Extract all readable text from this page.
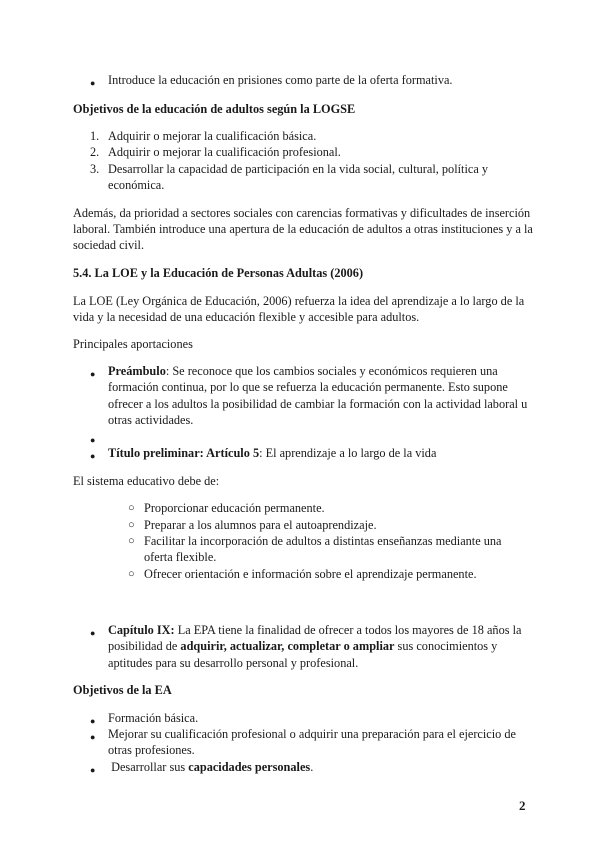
● Introduce la educación en prisiones como parte de la oferta formativa.
Objetivos de la educación de adultos según la LOGSE
1. Adquirir o mejorar la cualificación básica.
2. Adquirir o mejorar la cualificación profesional.
3. Desarrollar la capacidad de participación en la vida social, cultural, política y
económica.
Además, da prioridad a sectores sociales con carencias formativas y dificultades de inserción
laboral. También introduce una apertura de la educación de adultos a otras instituciones y a la
sociedad civil.
5.4. La LOE y la Educación de Personas Adultas (2006)
La LOE (Ley Orgánica de Educación, 2006) refuerza la idea del aprendizaje a lo largo de la
vida y la necesidad de una educación flexible y accesible para adultos.
Principales aportaciones
● Preámbulo: Se reconoce que los cambios sociales y económicos requieren una
formación continua, por lo que se refuerza la educación permanente. Esto supone
ofrecer a los adultos la posibilidad de cambiar la formación con la actividad laboral u
otras actividades.
●
● Título preliminar: Artículo 5: El aprendizaje a lo largo de la vida
El sistema educativo debe de:
○ Proporcionar educación permanente.
○ Preparar a los alumnos para el autoaprendizaje.
○ Facilitar la incorporación de adultos a distintas enseñanzas mediante una
oferta flexible.
○ Ofrecer orientación e información sobre el aprendizaje permanente.
● Capítulo IX: La EPA tiene la finalidad de ofrecer a todos los mayores de 18 años la
posibilidad de adquirir, actualizar, completar o ampliar sus conocimientos y
aptitudes para su desarrollo personal y profesional.
Objetivos de la EA
● Formación básica.
● Mejorar su cualificación profesional o adquirir una preparación para el ejercicio de
otras profesiones.
● Desarrollar sus capacidades personales.
2
